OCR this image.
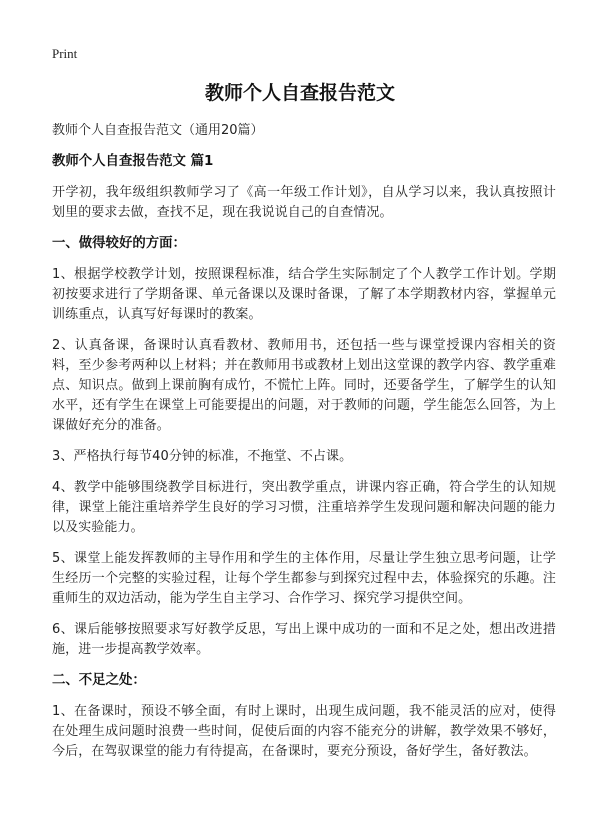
Print
教师个人自查报告范文
教师个人自查报告范文（通用20篇）
教师个人自查报告范文 篇1

开学初，我年级组织教师学习了《高一年级工作计划》，自从学习以来，我认真按照计划里的要求去做，查找不足，现在我说说自己的自查情况。

一、做得较好的方面：

1、根据学校教学计划，按照课程标准，结合学生实际制定了个人教学工作计划。学期初按要求进行了学期备课、单元备课以及课时备课，了解了本学期教材内容，掌握单元训练重点，认真写好每课时的教案。

2、认真备课，备课时认真看教材、教师用书，还包括一些与课堂授课内容相关的资料，至少参考两种以上材料；并在教师用书或教材上划出这堂课的教学内容、教学重难点、知识点。做到上课前胸有成竹，不慌忙上阵。同时，还要备学生，了解学生的认知水平，还有学生在课堂上可能要提出的问题，对于教师的问题，学生能怎么回答，为上课做好充分的准备。

3、严格执行每节40分钟的标准，不拖堂、不占课。

4、教学中能够围绕教学目标进行，突出教学重点，讲课内容正确，符合学生的认知规律，课堂上能注重培养学生良好的学习习惯，注重培养学生发现问题和解决问题的能力以及实验能力。

5、课堂上能发挥教师的主导作用和学生的主体作用，尽量让学生独立思考问题，让学生经历一个完整的实验过程，让每个学生都参与到探究过程中去，体验探究的乐趣。注重师生的双边活动，能为学生自主学习、合作学习、探究学习提供空间。

6、课后能够按照要求写好教学反思，写出上课中成功的一面和不足之处，想出改进措施，进一步提高教学效率。

二、不足之处：

1、在备课时，预设不够全面，有时上课时，出现生成问题，我不能灵活的应对，使得在处理生成问题时浪费一些时间，促使后面的内容不能充分的讲解，教学效果不够好，今后，在驾驭课堂的能力有待提高，在备课时，要充分预设，备好学生，备好教法。
